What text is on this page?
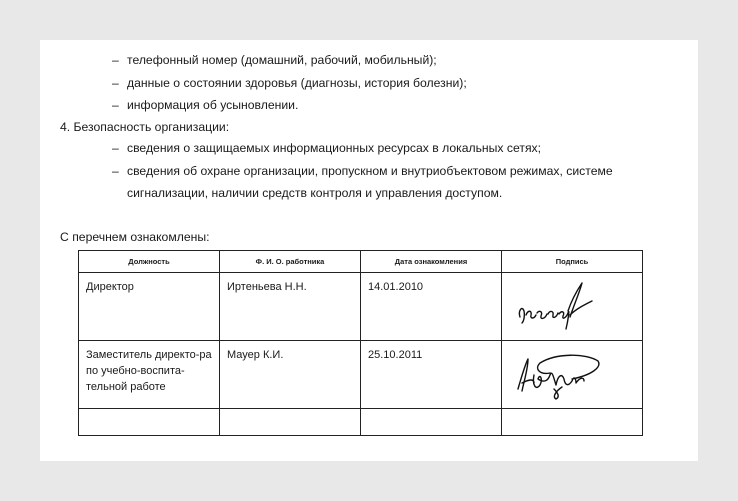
– телефонный номер (домашний, рабочий, мобильный);
– данные о состоянии здоровья (диагнозы, история болезни);
– информация об усыновлении.
4. Безопасность организации:
– сведения о защищаемых информационных ресурсах в локальных сетях;
– сведения об охране организации, пропускном и внутриобъектовом режимах, системе сигнализации, наличии средств контроля и управления доступом.
С перечнем ознакомлены:
Должность	Ф. И. О. работника	Дата ознакомления	Подпись
Директор	Иртеньева Н.Н.	14.01.2010	

Заместитель директо-ра по учебно-воспита-тельной работе	Мауер К.И.	25.10.2011	
